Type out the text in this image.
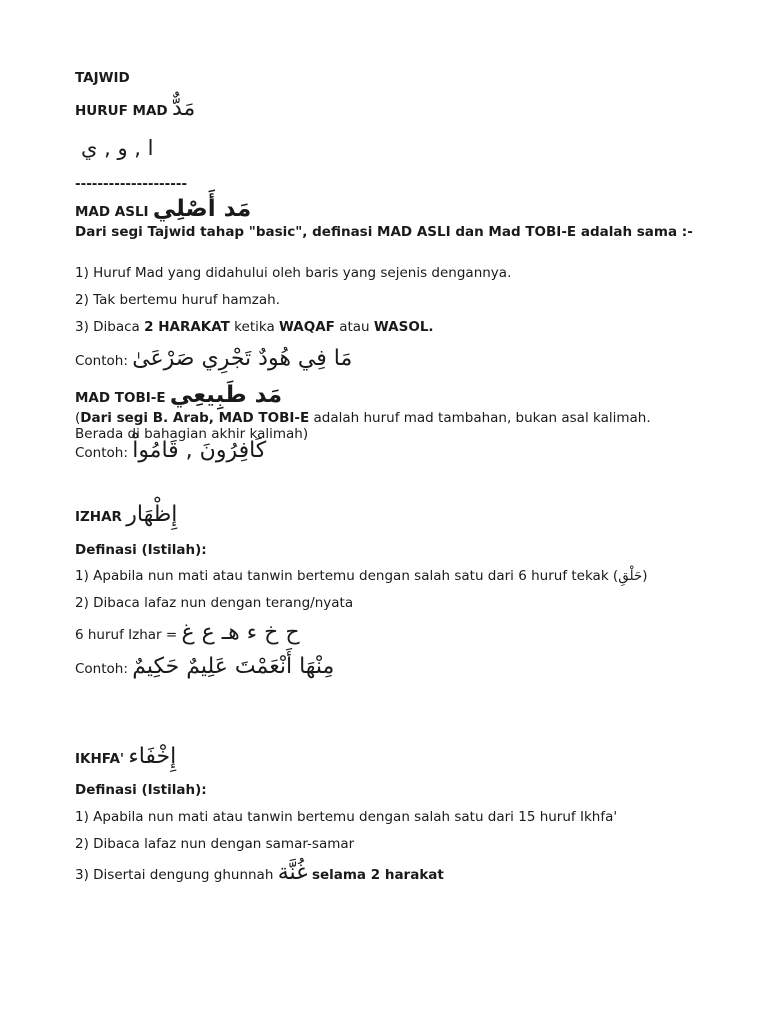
TAJWID
HURUF MAD مَدٌّ
ا , و , ي
--------------------
MAD ASLI مَد أَصْلِي
Dari segi Tajwid tahap "basic", definasi MAD ASLI dan Mad TOBI-E adalah sama :-
1) Huruf Mad yang didahului oleh baris yang sejenis dengannya.
2) Tak bertemu huruf hamzah.
3) Dibaca 2 HARAKAT ketika WAQAF atau WASOL.
Contoh: مَا فِي هُودٌ تَجْرِي صَرْعَىٰ
MAD TOBI-E مَد طَبِيعِي
(Dari segi B. Arab, MAD TOBI-E adalah huruf mad tambahan, bukan asal kalimah. Berada di bahagian akhir kalimah)
Contoh: كَافِرُونَ , قَامُواْ
IZHAR إِظْهَار
Definasi (Istilah):
1) Apabila nun mati atau tanwin bertemu dengan salah satu dari 6 huruf tekak (حَلْقِ)
2) Dibaca lafaz nun dengan terang/nyata
6 huruf Izhar = ح خ ء هـ ع غ
Contoh: مِنْهَا أَنْعَمْتَ عَلِيمٌ حَكِيمٌ
IKHFA' إِخْفَاء
Definasi (Istilah):
1) Apabila nun mati atau tanwin bertemu dengan salah satu dari 15 huruf Ikhfa'
2) Dibaca lafaz nun dengan samar-samar
3) Disertai dengung ghunnah غُنَّة selama 2 harakat
